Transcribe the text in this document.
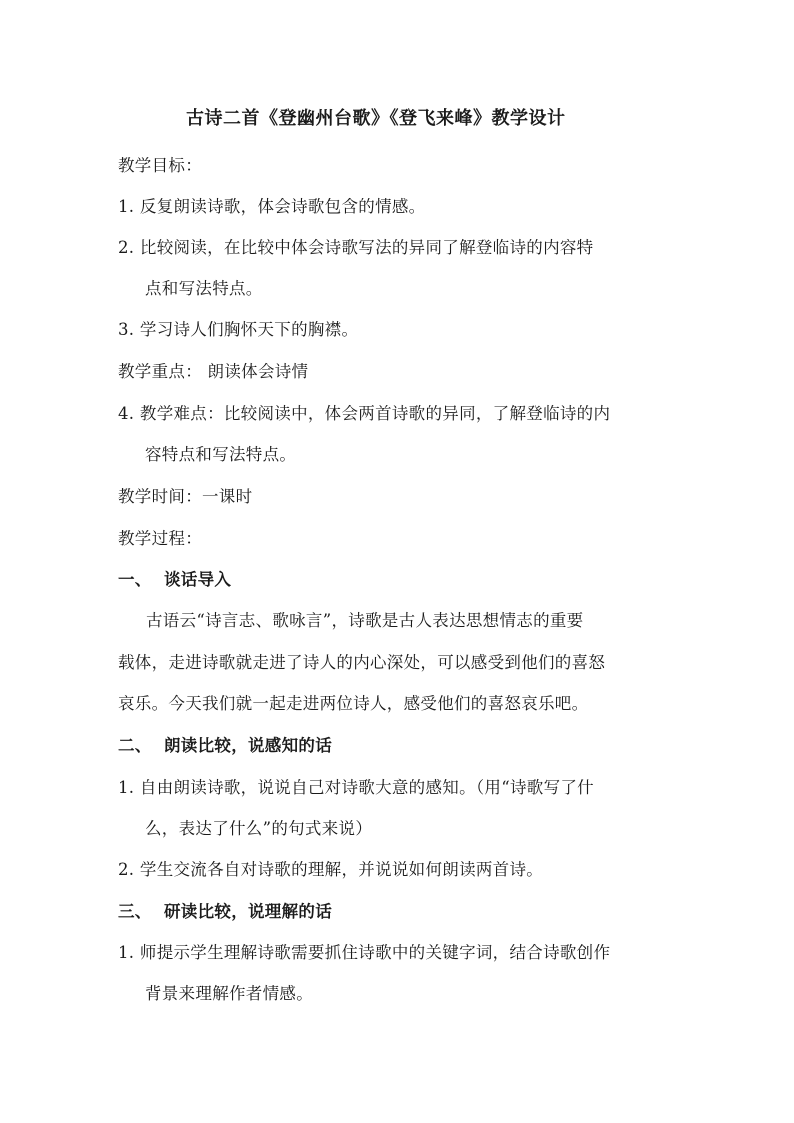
古诗二首《登幽州台歌》《登飞来峰》教学设计
教学目标：
1. 反复朗读诗歌，体会诗歌包含的情感。
2. 比较阅读，在比较中体会诗歌写法的异同了解登临诗的内容特
点和写法特点。
3. 学习诗人们胸怀天下的胸襟。
教学重点： 朗读体会诗情
4. 教学难点：比较阅读中，体会两首诗歌的异同，了解登临诗的内
容特点和写法特点。
教学时间：一课时
教学过程：
一、 谈话导入
古语云“诗言志、歌咏言”，诗歌是古人表达思想情志的重要
载体，走进诗歌就走进了诗人的内心深处，可以感受到他们的喜怒
哀乐。今天我们就一起走进两位诗人，感受他们的喜怒哀乐吧。
二、 朗读比较，说感知的话
1. 自由朗读诗歌，说说自己对诗歌大意的感知。（用“诗歌写了什
么，表达了什么”的句式来说）
2. 学生交流各自对诗歌的理解，并说说如何朗读两首诗。
三、 研读比较，说理解的话
1. 师提示学生理解诗歌需要抓住诗歌中的关键字词，结合诗歌创作
背景来理解作者情感。
